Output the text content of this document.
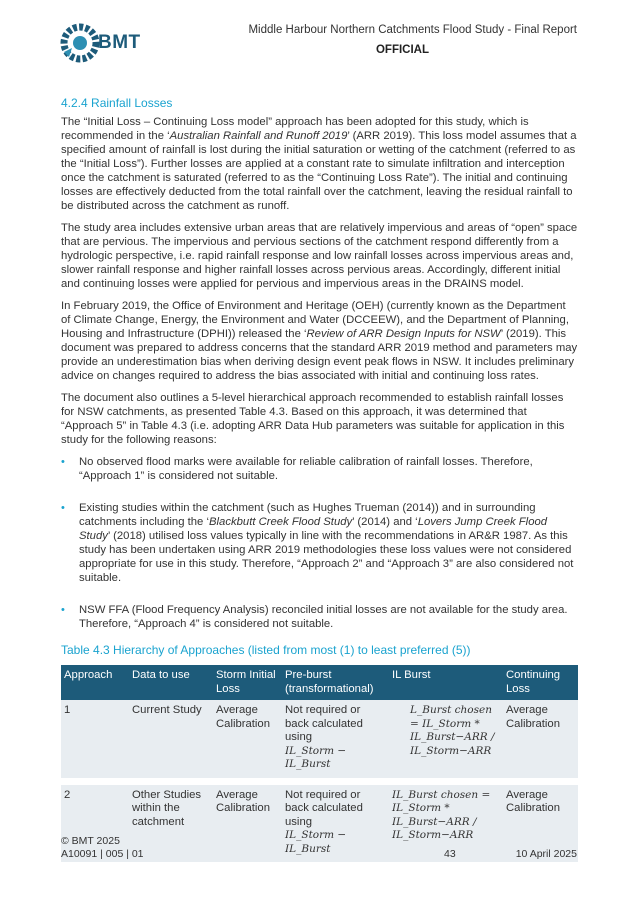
BMT
Middle Harbour Northern Catchments Flood Study - Final Report
OFFICIAL
4.2.4 Rainfall Losses

The “Initial Loss – Continuing Loss model” approach has been adopted for this study, which is recommended in the ‘Australian Rainfall and Runoff 2019’ (ARR 2019). This loss model assumes that a specified amount of rainfall is lost during the initial saturation or wetting of the catchment (referred to as the “Initial Loss”). Further losses are applied at a constant rate to simulate infiltration and interception once the catchment is saturated (referred to as the “Continuing Loss Rate”). The initial and continuing losses are effectively deducted from the total rainfall over the catchment, leaving the residual rainfall to be distributed across the catchment as runoff.

The study area includes extensive urban areas that are relatively impervious and areas of “open” space that are pervious. The impervious and pervious sections of the catchment respond differently from a hydrologic perspective, i.e. rapid rainfall response and low rainfall losses across impervious areas and, slower rainfall response and higher rainfall losses across pervious areas. Accordingly, different initial and continuing losses were applied for pervious and impervious areas in the DRAINS model.

In February 2019, the Office of Environment and Heritage (OEH) (currently known as the Department of Climate Change, Energy, the Environment and Water (DCCEEW), and the Department of Planning, Housing and Infrastructure (DPHI)) released the ‘Review of ARR Design Inputs for NSW’ (2019). This document was prepared to address concerns that the standard ARR 2019 method and parameters may provide an underestimation bias when deriving design event peak flows in NSW. It includes preliminary advice on changes required to address the bias associated with initial and continuing loss rates.

The document also outlines a 5-level hierarchical approach recommended to establish rainfall losses for NSW catchments, as presented Table 4.3. Based on this approach, it was determined that “Approach 5” in Table 4.3 (i.e. adopting ARR Data Hub parameters was suitable for application in this study for the following reasons:

• No observed flood marks were available for reliable calibration of rainfall losses. Therefore, “Approach 1” is considered not suitable.
• Existing studies within the catchment (such as Hughes Trueman (2014)) and in surrounding catchments including the ‘Blackbutt Creek Flood Study’ (2014) and ‘Lovers Jump Creek Flood Study’ (2018) utilised loss values typically in line with the recommendations in AR&R 1987. As this study has been undertaken using ARR 2019 methodologies these loss values were not considered appropriate for use in this study. Therefore, “Approach 2” and “Approach 3” are also considered not suitable.
• NSW FFA (Flood Frequency Analysis) reconciled initial losses are not available for the study area. Therefore, “Approach 4” is considered not suitable.
Table 4.3 Hierarchy of Approaches (listed from most (1) to least preferred (5))
Approach	Data to use	Storm Initial Loss	Pre-burst (transformational)	IL Burst	Continuing Loss
1	Current Study	Average Calibration	Not required or back calculated using
IL_Storm − IL_Burst	L_Burst chosen = IL_Storm * IL_Burst−ARR / IL_Storm−ARR	Average Calibration
2	Other Studies within the catchment	Average Calibration	Not required or back calculated using
IL_Storm − IL_Burst	IL_Burst chosen = IL_Storm * IL_Burst−ARR / IL_Storm−ARR	Average Calibration
© BMT 2025
A10091 | 005 | 01	43	10 April 2025
